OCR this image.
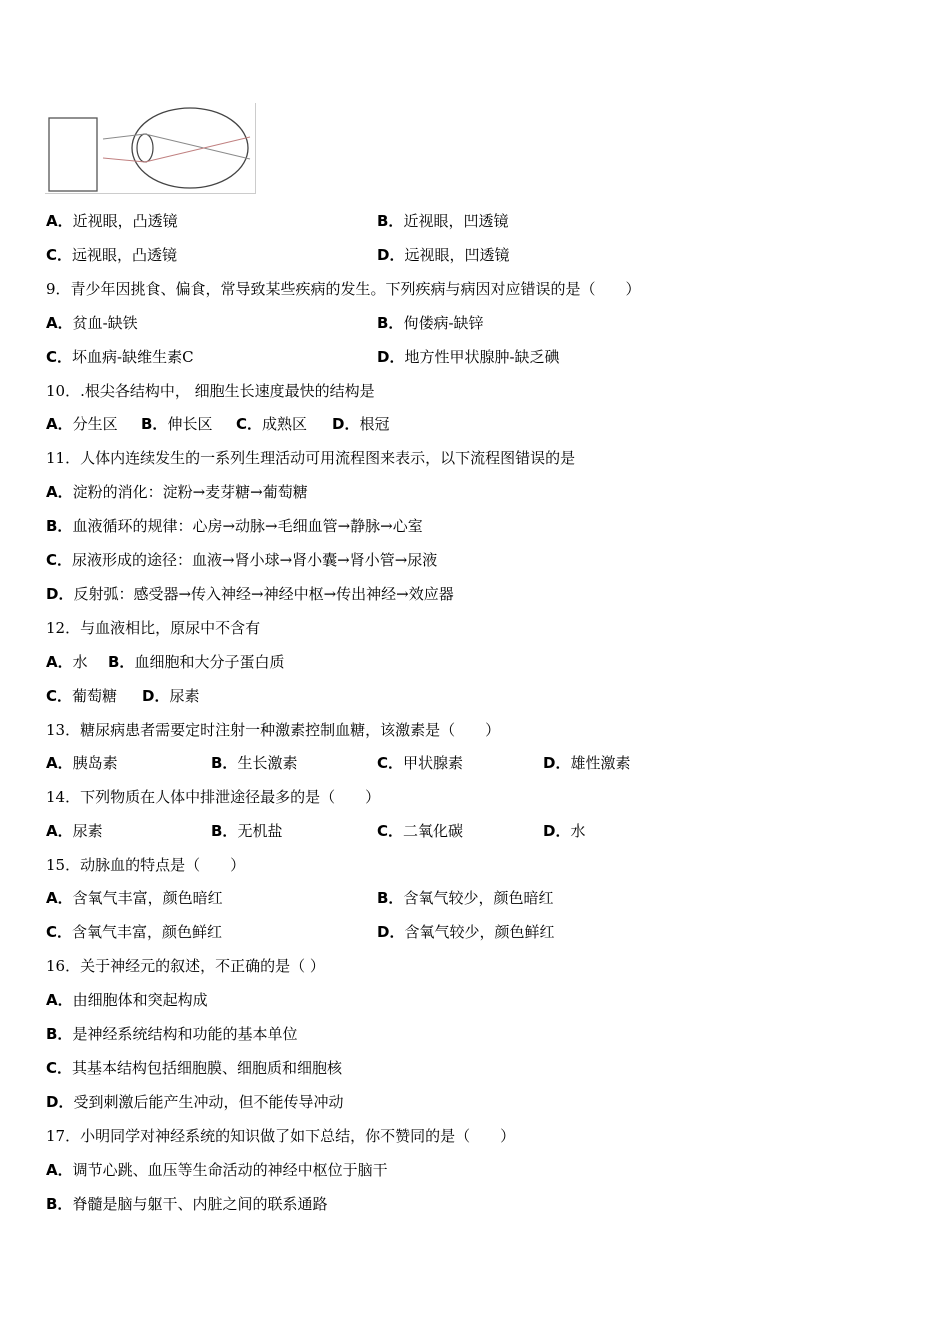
A．近视眼，凸透镜	B．近视眼，凹透镜
C．远视眼，凸透镜	D．远视眼，凹透镜
9．青少年因挑食、偏食，常导致某些疾病的发生。下列疾病与病因对应错误的是（　　）
A．贫血-缺铁	B．佝偻病-缺锌
C．坏血病-缺维生素C	D．地方性甲状腺肿-缺乏碘
10．.根尖各结构中， 细胞生长速度最快的结构是
A．分生区 B．伸长区 C．成熟区 D．根冠
11．人体内连续发生的一系列生理活动可用流程图来表示，以下流程图错误的是
A．淀粉的消化：淀粉→麦芽糖→葡萄糖
B．血液循环的规律：心房→动脉→毛细血管→静脉→心室
C．尿液形成的途径：血液→肾小球→肾小囊→肾小管→尿液
D．反射弧：感受器→传入神经→神经中枢→传出神经→效应器
12．与血液相比，原尿中不含有
A．水 B．血细胞和大分子蛋白质
C．葡萄糖 D．尿素
13．糖尿病患者需要定时注射一种激素控制血糖，该激素是（　　）
A．胰岛素	B．生长激素	C．甲状腺素	D．雄性激素
14．下列物质在人体中排泄途径最多的是（　　）
A．尿素	B．无机盐	C．二氧化碳	D．水
15．动脉血的特点是（　　）
A．含氧气丰富，颜色暗红	B．含氧气较少，颜色暗红
C．含氧气丰富，颜色鲜红	D．含氧气较少，颜色鲜红
16．关于神经元的叙述，不正确的是（ ）
A．由细胞体和突起构成
B．是神经系统结构和功能的基本单位
C．其基本结构包括细胞膜、细胞质和细胞核
D．受到刺激后能产生冲动，但不能传导冲动
17．小明同学对神经系统的知识做了如下总结，你不赞同的是（　　）
A．调节心跳、血压等生命活动的神经中枢位于脑干
B．脊髓是脑与躯干、内脏之间的联系通路
